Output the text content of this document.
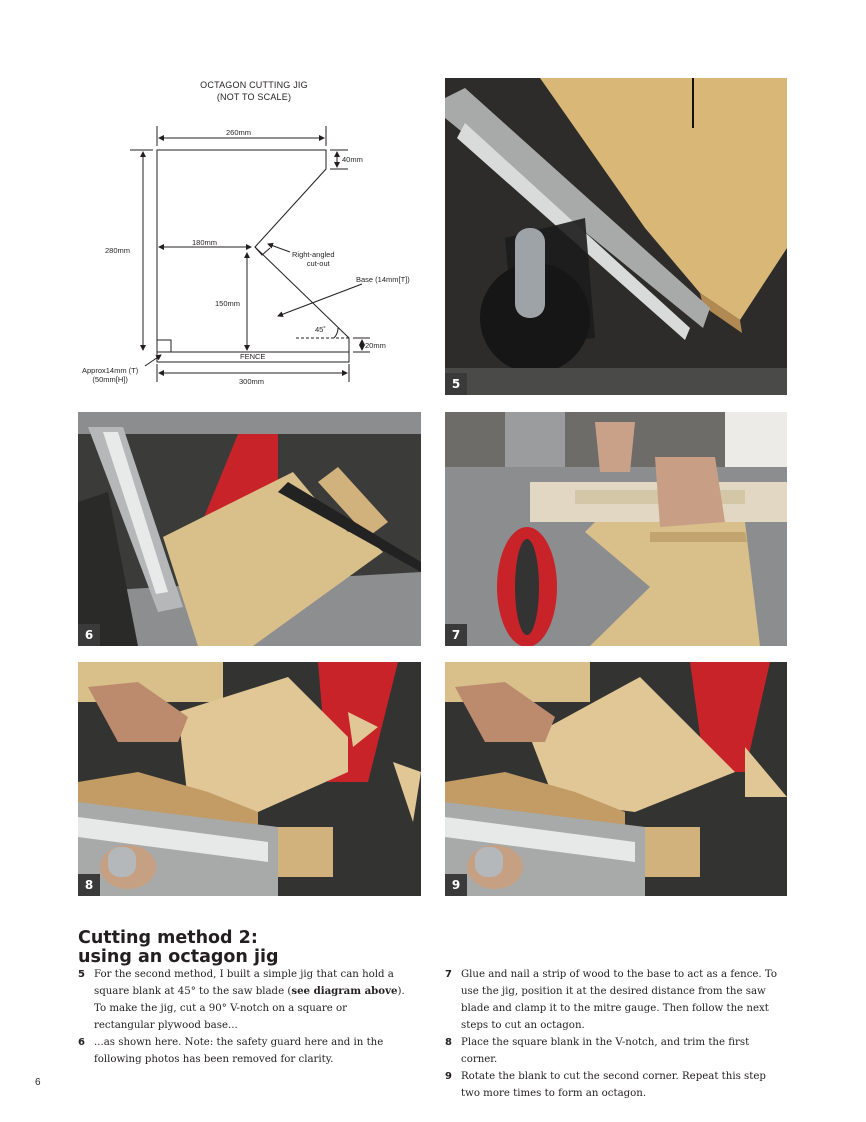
OCTAGON CUTTING JIG
(NOT TO SCALE)
260mm
40mm
280mm
180mm
Right-angled
cut-out
Base (14mm[T])
150mm
45˚
20mm
FENCE
Approx14mm (T)
(50mm[H])	300mm	5
6	7
8	9
Cutting method 2:
using an octagon jig
5 For the second method, I built a simple jig that can hold a square blank at 45° to the saw blade (see diagram above). To make the jig, cut a 90° V-notch on a square or rectangular plywood base...
6 ...as shown here. Note: the safety guard here and in the following photos has been removed for clarity.
7 Glue and nail a strip of wood to the base to act as a fence. To use the jig, position it at the desired distance from the saw blade and clamp it to the mitre gauge. Then follow the next steps to cut an octagon.
8 Place the square blank in the V-notch, and trim the first corner.
9 Rotate the blank to cut the second corner. Repeat this step two more times to form an octagon.
6
